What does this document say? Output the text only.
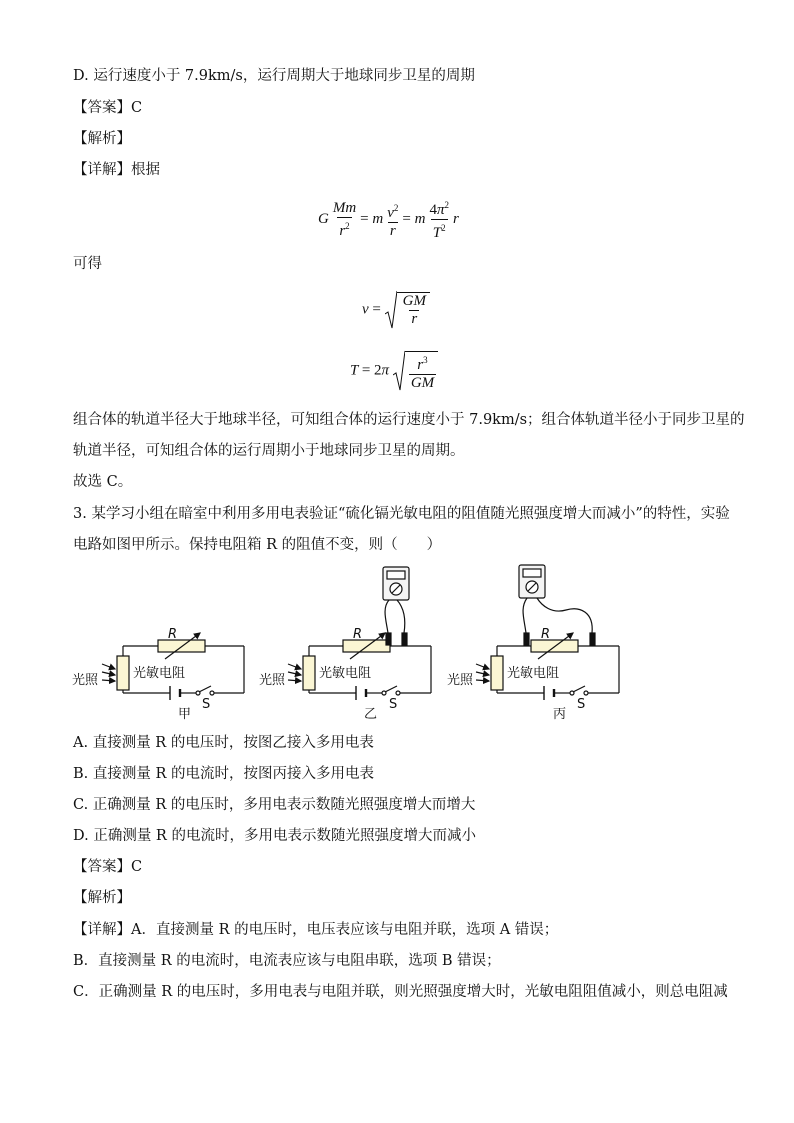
D. 运行速度小于 7.9km/s，运行周期大于地球同步卫星的周期
【答案】C
【解析】
【详解】根据
G $\frac{Mm}{r^2} = m \frac{v^2}{r} = m \frac{4\pi^2}{T^2}$ r
可得
$v = \frac{GM}{r}$
$T = 2\pi \frac{r^3}{GM}$
组合体的轨道半径大于地球半径，可知组合体的运行速度小于 7.9km/s；组合体轨道半径小于同步卫星的
轨道半径，可知组合体的运行周期小于地球同步卫星的周期。
故选 C。
3. 某学习小组在暗室中利用多用电表验证“硫化镉光敏电阻的阻值随光照强度增大而减小”的特性，实验
电路如图甲所示。保持电阻箱 R 的阻值不变，则（　　）
R
光敏电阻
光照
S
甲
R
光敏电阻
光照
S
乙
R
光敏电阻
光照
S
丙
A. 直接测量 R 的电压时，按图乙接入多用电表
B. 直接测量 R 的电流时，按图丙接入多用电表
C. 正确测量 R 的电压时，多用电表示数随光照强度增大而增大
D. 正确测量 R 的电流时，多用电表示数随光照强度增大而减小
【答案】C
【解析】
【详解】A．直接测量 R 的电压时，电压表应该与电阻并联，选项 A 错误；
B．直接测量 R 的电流时，电流表应该与电阻串联，选项 B 错误；
C．正确测量 R 的电压时，多用电表与电阻并联，则光照强度增大时，光敏电阻阻值减小，则总电阻减
